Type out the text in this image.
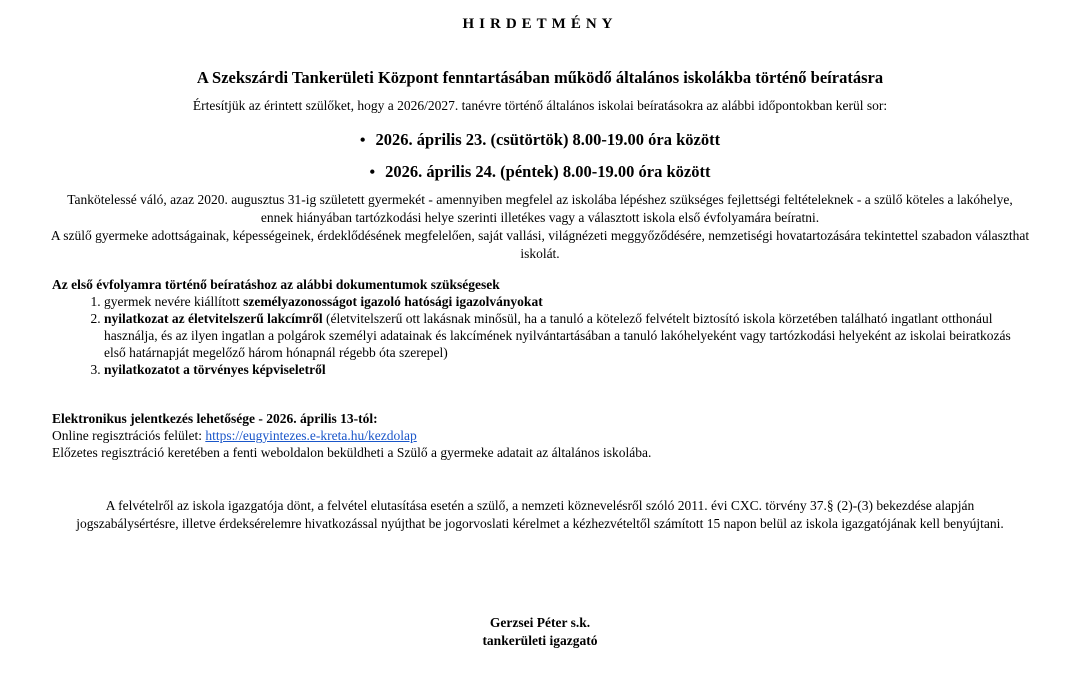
HIRDETMÉNY
A Szekszárdi Tankerületi Központ fenntartásában működő általános iskolákba történő beíratásra
Értesítjük az érintett szülőket, hogy a 2026/2027. tanévre történő általános iskolai beíratásokra az alábbi időpontokban kerül sor:
• 2026. április 23. (csütörtök) 8.00-19.00 óra között
• 2026. április 24. (péntek) 8.00-19.00 óra között
Tankötelessé váló, azaz 2020. augusztus 31-ig született gyermekét - amennyiben megfelel az iskolába lépéshez szükséges fejlettségi feltételeknek - a szülő köteles a lakóhelye, ennek hiányában tartózkodási helye szerinti illetékes vagy a választott iskola első évfolyamára beíratni.
A szülő gyermeke adottságainak, képességeinek, érdeklődésének megfelelően, saját vallási, világnézeti meggyőződésére, nemzetiségi hovatartozására tekintettel szabadon választhat iskolát.
Az első évfolyamra történő beíratáshoz az alábbi dokumentumok szükségesek
1. gyermek nevére kiállított személyazonosságot igazoló hatósági igazolványokat
2. nyilatkozat az életvitelszerű lakcímről (életvitelszerű ott lakásnak minősül, ha a tanuló a kötelező felvételt biztosító iskola körzetében található ingatlant otthonául használja, és az ilyen ingatlan a polgárok személyi adatainak és lakcímének nyilvántartásában a tanuló lakóhelyeként vagy tartózkodási helyeként az iskolai beiratkozás első határnapját megelőző három hónapnál régebb óta szerepel)
3. nyilatkozatot a törvényes képviselet​ről
Elektronikus jelentkezés lehetősége - 2026. április 13-tól:
Online regisztrációs felület: https://eugyintezes.e-kreta.hu/kezdolap
Előzetes regisztráció keretében a fenti weboldalon beküldheti a Szülő a gyermeke adatait az általános iskolába.
A felvételről az iskola igazgatója dönt, a felvétel elutasítása esetén a szülő, a nemzeti köznevelésről szóló 2011. évi CXC. törvény 37.§ (2)-(3) bekezdése alapján jogszabálysértésre, illetve érdeksérelemre hivatkozással nyújthat be jogorvoslati kérelmet a kézhezvételtől számított 15 napon belül az iskola igazgatójának kell benyújtani.
Gerzsei Péter s.k.
tankerületi igazgató
